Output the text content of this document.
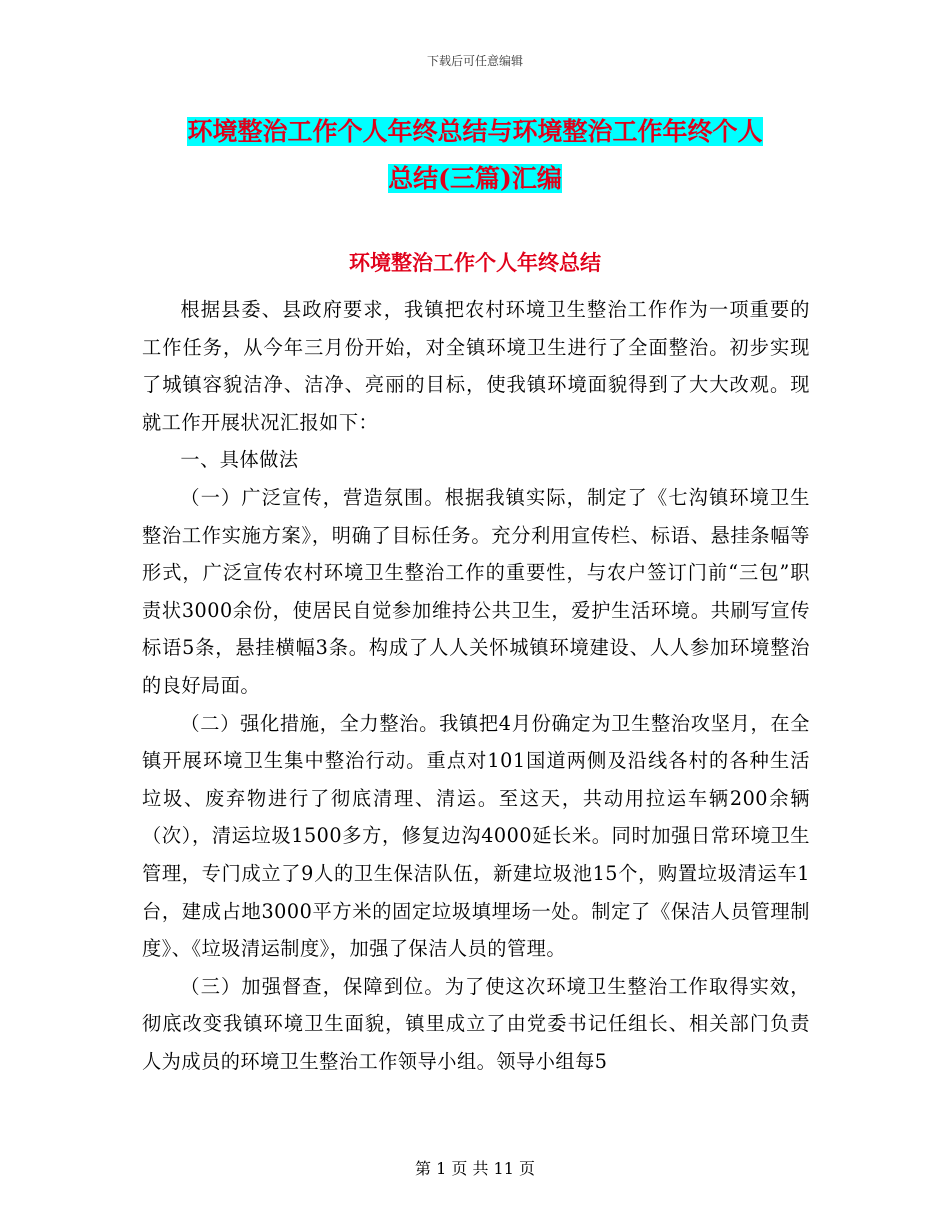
下载后可任意编辑
环境整治工作个人年终总结与环境整治工作年终个人
总结(三篇)汇编
环境整治工作个人年终总结

根据县委、县政府要求，我镇把农村环境卫生整治工作作为一项重要的工作任务，从今年三月份开始，对全镇环境卫生进行了全面整治。初步实现了城镇容貌洁净、洁净、亮丽的目标，使我镇环境面貌得到了大大改观。现就工作开展状况汇报如下：

一、具体做法

（一）广泛宣传，营造氛围。根据我镇实际，制定了《七沟镇环境卫生整治工作实施方案》，明确了目标任务。充分利用宣传栏、标语、悬挂条幅等形式，广泛宣传农村环境卫生整治工作的重要性，与农户签订门前“三包”职责状3000余份，使居民自觉参加维持公共卫生，爱护生活环境。共刷写宣传标语5条，悬挂横幅3条。构成了人人关怀城镇环境建设、人人参加环境整治的良好局面。

（二）强化措施，全力整治。我镇把4月份确定为卫生整治攻坚月，在全镇开展环境卫生集中整治行动。重点对101国道两侧及沿线各村的各种生活垃圾、废弃物进行了彻底清理、清运。至这天，共动用拉运车辆200余辆（次），清运垃圾1500多方，修复边沟4000延长米。同时加强日常环境卫生管理，专门成立了9人的卫生保洁队伍，新建垃圾池15个，购置垃圾清运车1台，建成占地3000平方米的固定垃圾填埋场一处。制定了《保洁人员管理制度》、《垃圾清运制度》，加强了保洁人员的管理。

（三）加强督查，保障到位。为了使这次环境卫生整治工作取得实效，彻底改变我镇环境卫生面貌，镇里成立了由党委书记任组长、相关部门负责人为成员的环境卫生整治工作领导小组。领导小组每5

第 1 页 共 11 页
